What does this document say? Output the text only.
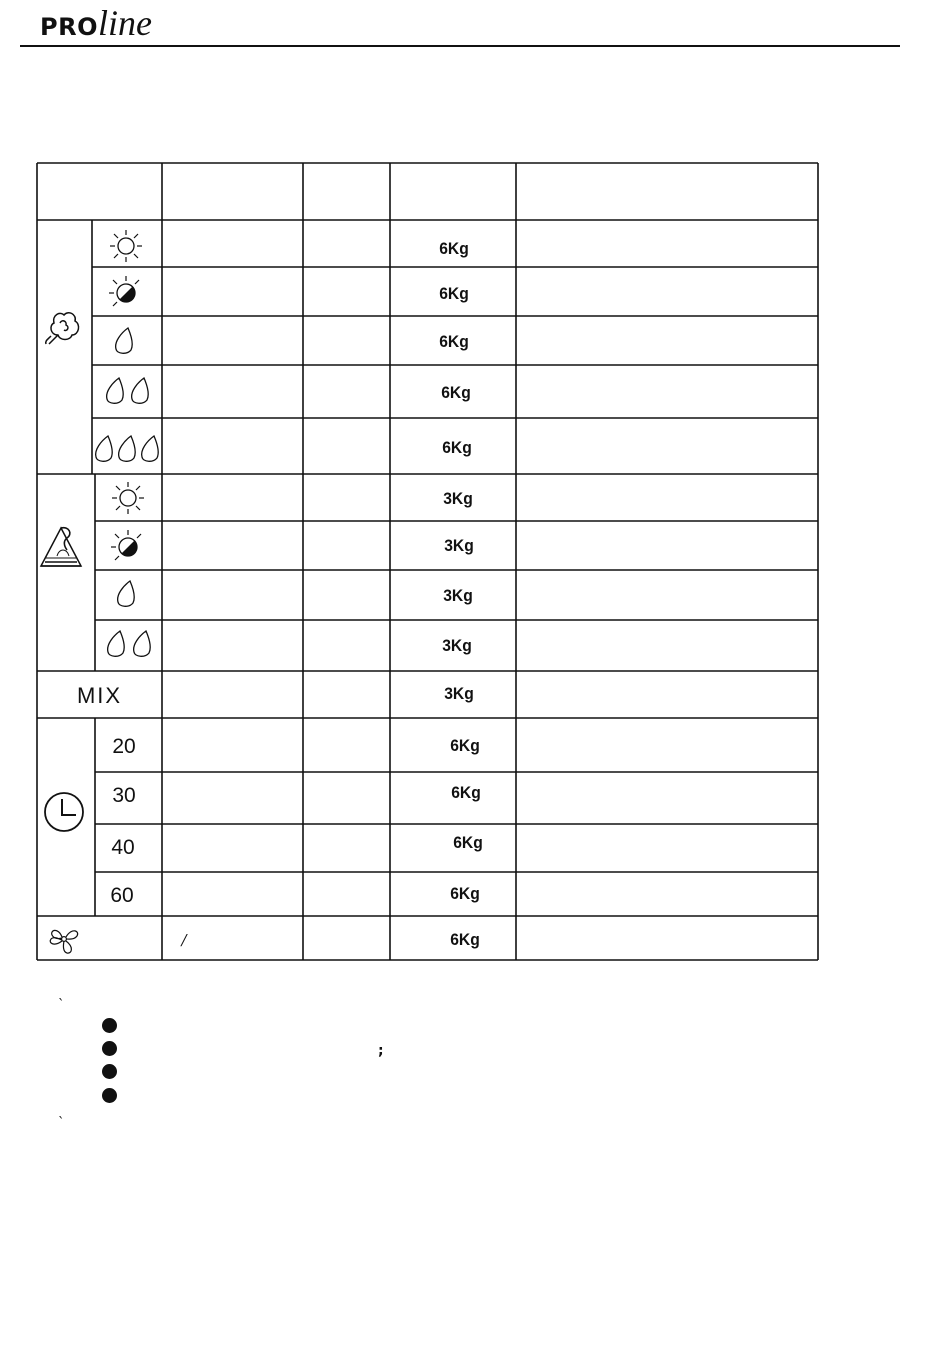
PRO line
6Kg
6Kg
6Kg
6Kg
6Kg
3Kg
3Kg
3Kg
3Kg
3Kg
6Kg
6Kg
6Kg
6Kg
6Kg
MIX
20
30
40
60
/
`
;
`
